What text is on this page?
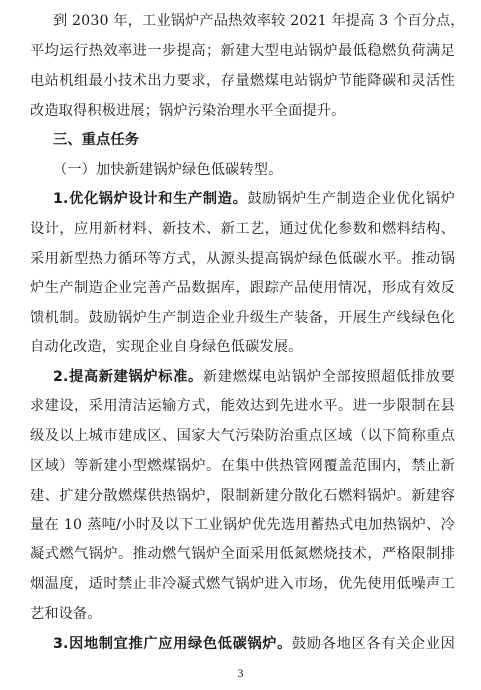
到 2030 年，工业锅炉产品热效率较 2021 年提高 3 个百分点，
平均运行热效率进一步提高；新建大型电站锅炉最低稳燃负荷满足
电站机组最小技术出力要求，存量燃煤电站锅炉节能降碳和灵活性
改造取得积极进展；锅炉污染治理水平全面提升。
三、重点任务
（一）加快新建锅炉绿色低碳转型。
1.优化锅炉设计和生产制造。鼓励锅炉生产制造企业优化锅炉
设计，应用新材料、新技术、新工艺，通过优化参数和燃料结构、
采用新型热力循环等方式，从源头提高锅炉绿色低碳水平。推动锅
炉生产制造企业完善产品数据库，跟踪产品使用情况，形成有效反
馈机制。鼓励锅炉生产制造企业升级生产装备，开展生产线绿色化
自动化改造，实现企业自身绿色低碳发展。
2.提高新建锅炉标准。新建燃煤电站锅炉全部按照超低排放要
求建设，采用清洁运输方式，能效达到先进水平。进一步限制在县
级及以上城市建成区、国家大气污染防治重点区域（以下简称重点
区域）等新建小型燃煤锅炉。在集中供热管网覆盖范围内，禁止新
建、扩建分散燃煤供热锅炉，限制新建分散化石燃料锅炉。新建容
量在 10 蒸吨/小时及以下工业锅炉优先选用蓄热式电加热锅炉、冷
凝式燃气锅炉。推动燃气锅炉全面采用低氮燃烧技术，严格限制排
烟温度，适时禁止非冷凝式燃气锅炉进入市场，优先使用低噪声工
艺和设备。
3.因地制宜推广应用绿色低碳锅炉。鼓励各地区各有关企业因
3
